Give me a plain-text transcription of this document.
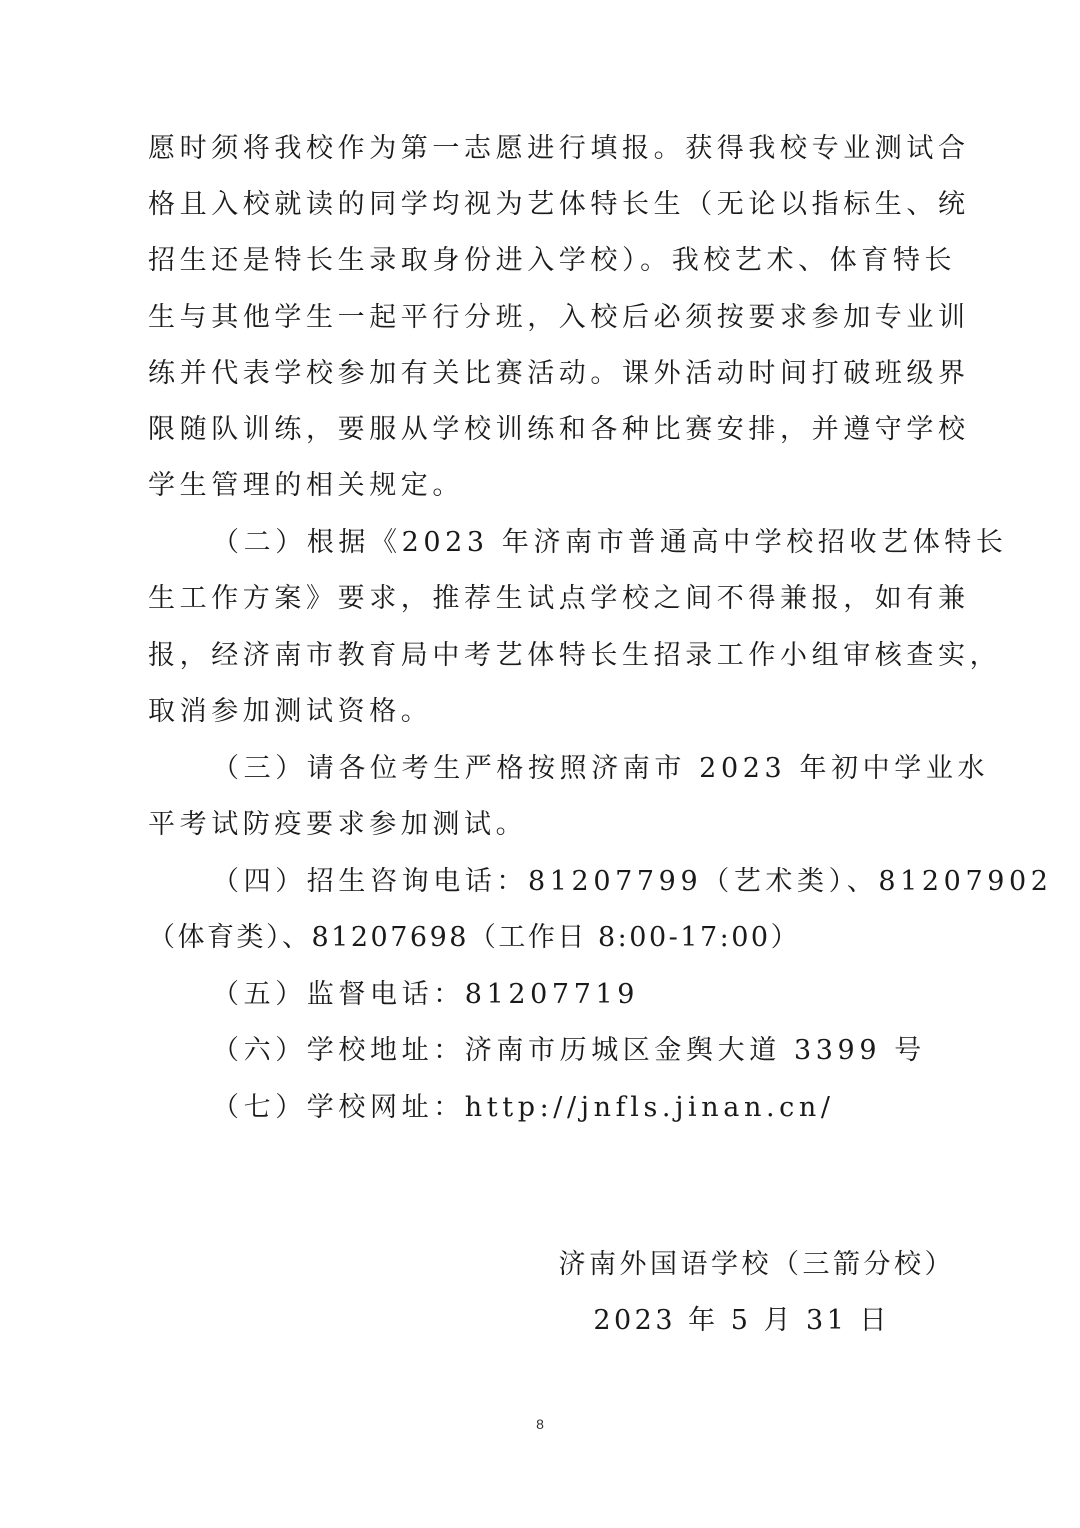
愿时须将我校作为第一志愿进行填报。获得我校专业测试合
格且入校就读的同学均视为艺体特长生（无论以指标生、统
招生还是特长生录取身份进入学校）。我校艺术、体育特长
生与其他学生一起平行分班，入校后必须按要求参加专业训
练并代表学校参加有关比赛活动。课外活动时间打破班级界
限随队训练，要服从学校训练和各种比赛安排，并遵守学校
学生管理的相关规定。
（二）根据《2023 年济南市普通高中学校招收艺体特长
生工作方案》要求，推荐生试点学校之间不得兼报，如有兼
报，经济南市教育局中考艺体特长生招录工作小组审核查实，
取消参加测试资格。
（三）请各位考生严格按照济南市 2023 年初中学业水
平考试防疫要求参加测试。
（四）招生咨询电话：81207799（艺术类）、81207902
（体育类）、81207698（工作日 8:00-17:00）
（五）监督电话：81207719
（六）学校地址：济南市历城区金舆大道 3399 号
（七）学校网址：http://jnfls.jinan.cn/
济南外国语学校（三箭分校）
2023 年 5 月 31 日
8
